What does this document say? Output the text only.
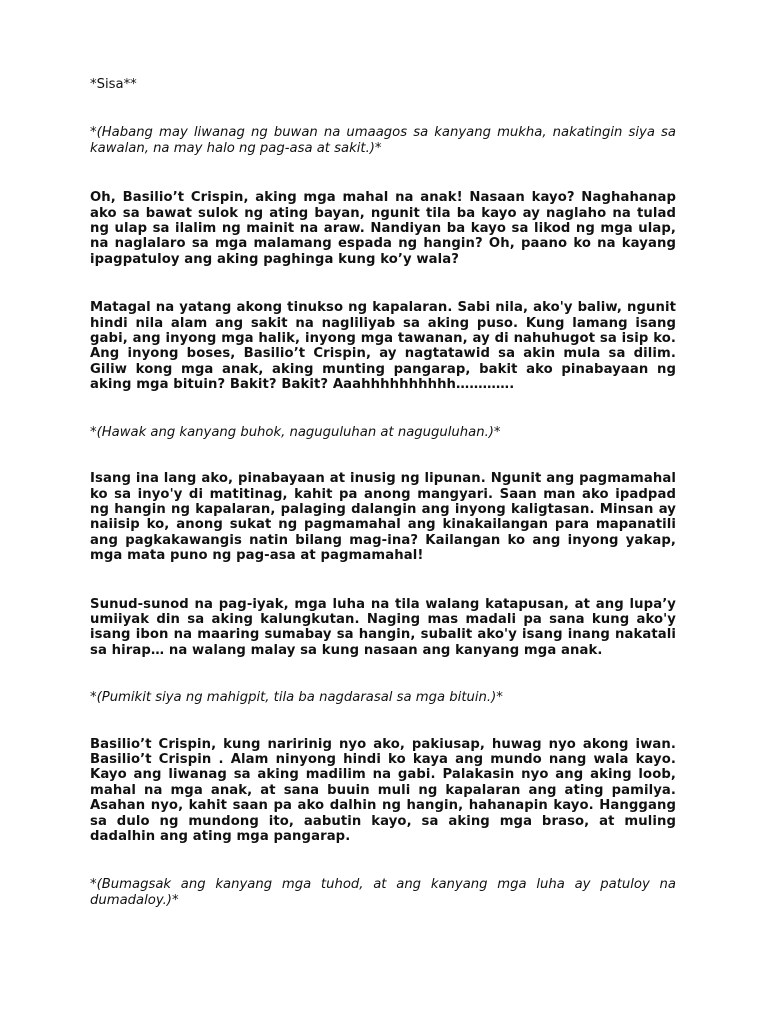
*Sisa**

*(Habang may liwanag ng buwan na umaagos sa kanyang mukha, nakatingin siya sa kawalan, na may halo ng pag-asa at sakit.)*

Oh, Basilio’t Crispin, aking mga mahal na anak! Nasaan kayo? Naghahanap ako sa bawat sulok ng ating bayan, ngunit tila ba kayo ay naglaho na tulad ng ulap sa ilalim ng mainit na araw. Nandiyan ba kayo sa likod ng mga ulap, na naglalaro sa mga malamang espada ng hangin? Oh, paano ko na kayang ipagpatuloy ang aking paghinga kung ko’y wala?

Matagal na yatang akong tinukso ng kapalaran. Sabi nila, ako'y baliw, ngunit hindi nila alam ang sakit na nagliliyab sa aking puso. Kung lamang isang gabi, ang inyong mga halik, inyong mga tawanan, ay di nahuhugot sa isip ko. Ang inyong boses, Basilio’t Crispin, ay nagtatawid sa akin mula sa dilim. Giliw kong mga anak, aking munting pangarap, bakit ako pinabayaan ng aking mga bituin? Bakit? Bakit? Aaahhhhhhhhhh………….

*(Hawak ang kanyang buhok, naguguluhan at naguguluhan.)*

Isang ina lang ako, pinabayaan at inusig ng lipunan. Ngunit ang pagmamahal ko sa inyo'y di matitinag, kahit pa anong mangyari. Saan man ako ipadpad ng hangin ng kapalaran, palaging dalangin ang inyong kaligtasan. Minsan ay naiisip ko, anong sukat ng pagmamahal ang kinakailangan para mapanatili ang pagkakawangis natin bilang mag-ina? Kailangan ko ang inyong yakap, mga mata puno ng pag-asa at pagmamahal!

Sunud-sunod na pag-iyak, mga luha na tila walang katapusan, at ang lupa’y umiiyak din sa aking kalungkutan. Naging mas madali pa sana kung ako'y isang ibon na maaring sumabay sa hangin, subalit ako'y isang inang nakatali sa hirap… na walang malay sa kung nasaan ang kanyang mga anak.

*(Pumikit siya ng mahigpit, tila ba nagdarasal sa mga bituin.)*

Basilio’t Crispin, kung naririnig nyo ako, pakiusap, huwag nyo akong iwan. Basilio’t Crispin . Alam ninyong hindi ko kaya ang mundo nang wala kayo. Kayo ang liwanag sa aking madilim na gabi. Palakasin nyo ang aking loob, mahal na mga anak, at sana buuin muli ng kapalaran ang ating pamilya. Asahan nyo, kahit saan pa ako dalhin ng hangin, hahanapin kayo. Hanggang sa dulo ng mundong ito, aabutin kayo, sa aking mga braso, at muling dadalhin ang ating mga pangarap.

*(Bumagsak ang kanyang mga tuhod, at ang kanyang mga luha ay patuloy na dumadaloy.)*
